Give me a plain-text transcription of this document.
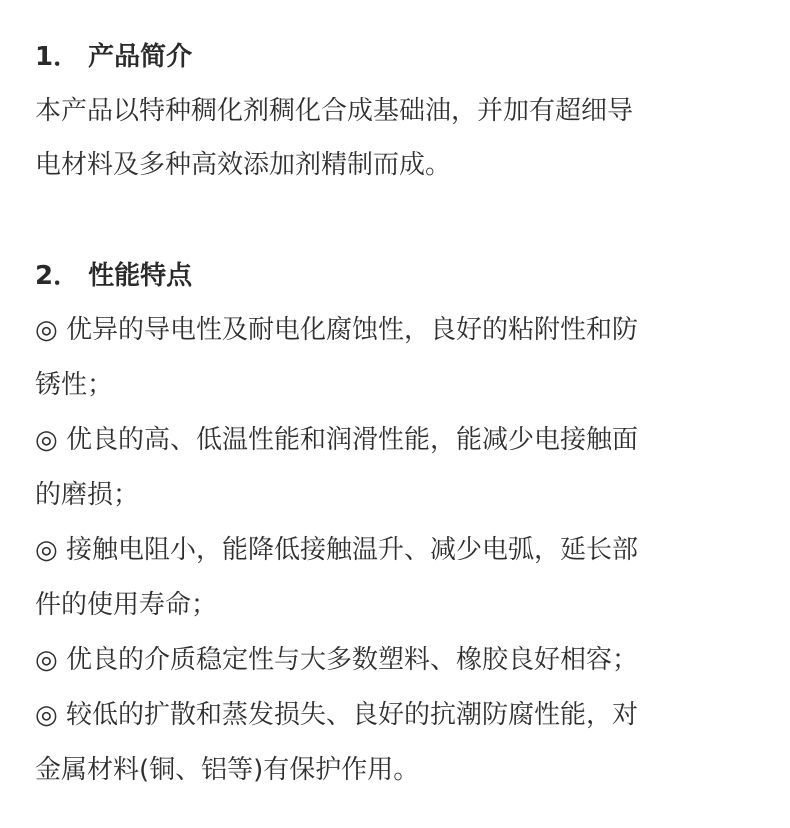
1． 产品简介
本产品以特种稠化剂稠化合成基础油，并加有超细导
电材料及多种高效添加剂精制而成。
2． 性能特点
◎ 优异的导电性及耐电化腐蚀性，良好的粘附性和防
锈性；
◎ 优良的高、低温性能和润滑性能，能减少电接触面
的磨损；
◎ 接触电阻小，能降低接触温升、减少电弧，延长部
件的使用寿命；
◎ 优良的介质稳定性与大多数塑料、橡胶良好相容；
◎ 较低的扩散和蒸发损失、良好的抗潮防腐性能，对
金属材料(铜、铝等)有保护作用。
